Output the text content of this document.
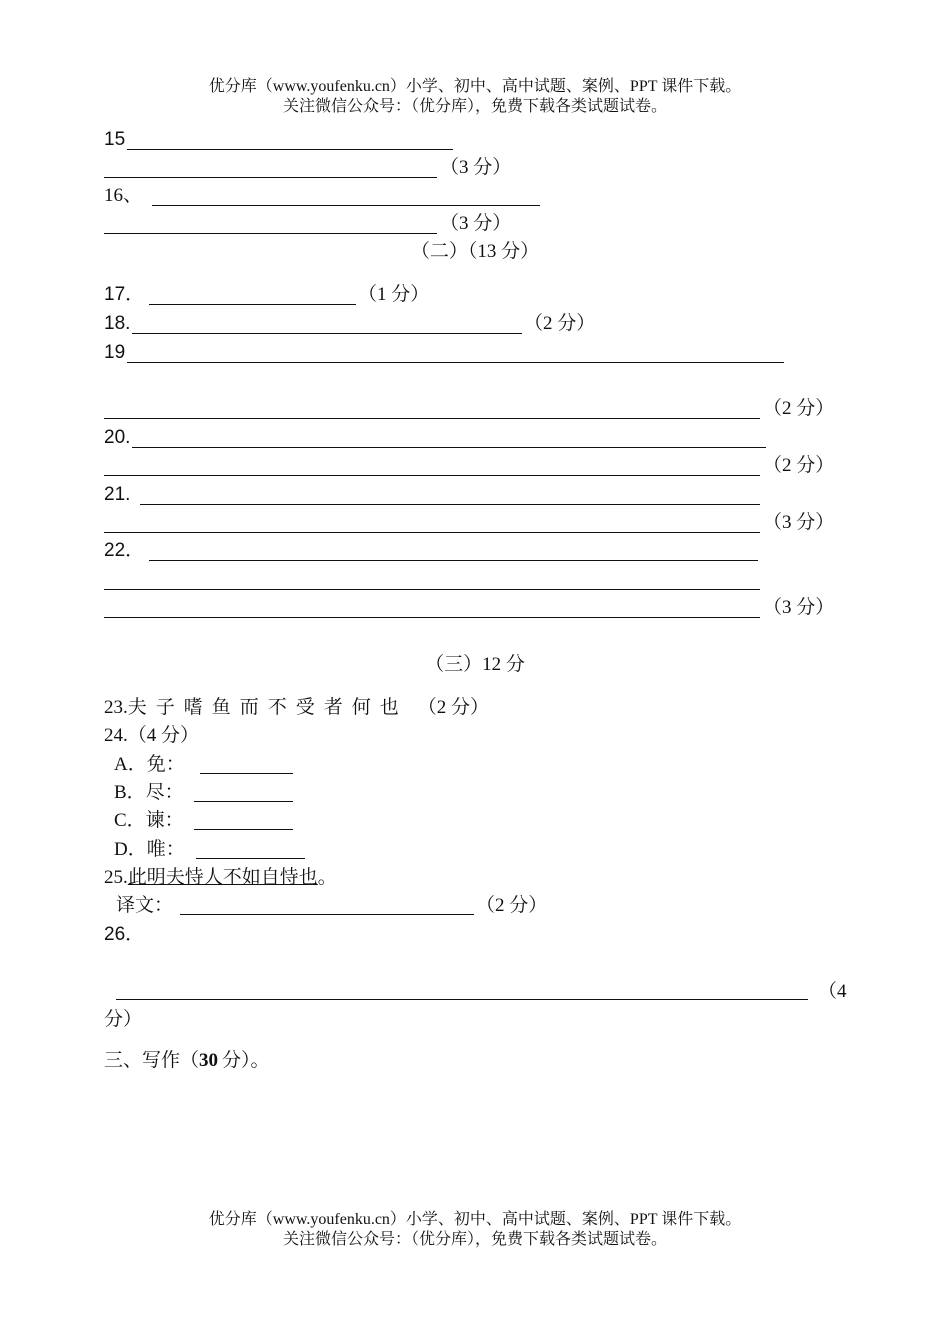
优分库（www.youfenku.cn）小学、初中、高中试题、案例、PPT 课件下载。
关注微信公众号：（优分库），免费下载各类试题试卷。
15
（3 分）
16、
（3 分）
（二）（13 分）
17．	（1 分）
18.	（2 分）
19
（2 分）
20.
（2 分）
21.
（3 分）
22．
（3 分）
（三）12 分
23.夫子嗜鱼而不受者何也 （2 分）
24.（4 分）
A．免：
B．尽：
C．谏：
D．唯：
25.此明夫恃人不如自恃也。
译文：	（2 分）
26．
（4
分）
三、写作（30 分）。
优分库（www.youfenku.cn）小学、初中、高中试题、案例、PPT 课件下载。
关注微信公众号：（优分库），免费下载各类试题试卷。
